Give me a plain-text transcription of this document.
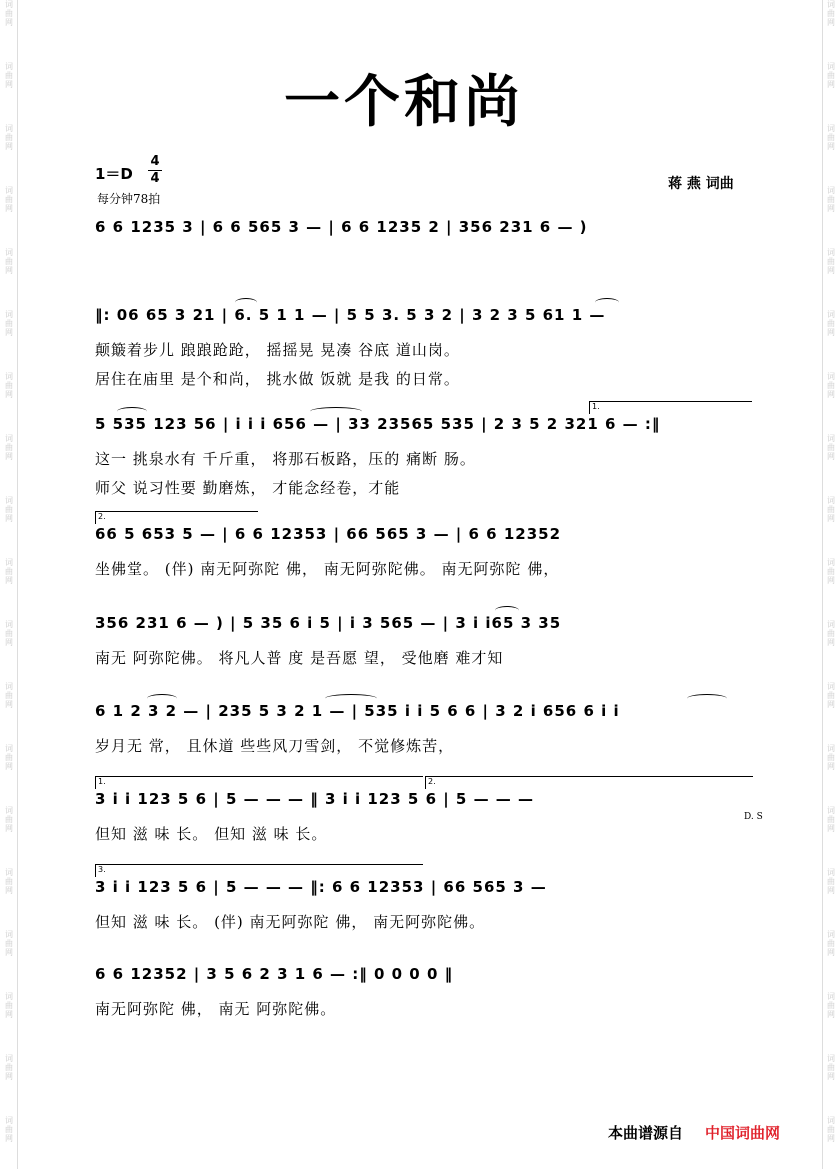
词
曲
网
词
曲
网
词
曲
网
词
曲
网
词
曲
网
词
曲
网
词
曲
网
词
曲
网
词
曲
网
词
曲
网
词
曲
网
词
曲
网
词
曲
网
词
曲
网
词
曲
网
词
曲
网
词
曲
网
词
曲
网
词
曲
网
词
曲
网
词
曲
网
词
曲
网
词
曲
网
词
曲
网
词
曲
网
词
曲
网
词
曲
网
词
曲
网
词
曲
网
词
曲
网
词
曲
网
词
曲
网
词
曲
网
词
曲
网
词
曲
网
词
曲
网
词
曲
网
词
曲
网
一个和尚
1＝D
4
4
每分钟78拍
蒋 燕 词曲
6 6 1235 3 | 6 6 565 3 — | 6 6 1235 2 | 356 231 6 — )
‖: 06 65 3 21 | 6. 5 1 1 — | 5 5 3. 5 3 2 | 3 2 3 5 61 1 —
颠簸着步儿 踉踉跄跄， 摇摇晃 晃凑 谷底 道山岗。
居住在庙里 是个和尚， 挑水做 饭就 是我 的日常。
1.
5 535 123 56 | i i i 656 — | 33 23565 535 | 2 3 5 2 321 6 — :‖
这一 挑泉水有 千斤重， 将那石板路，压的 痛断 肠。
师父 说习性要 勤磨炼， 才能念经卷，才能
2.
66 5 653 5 — | 6 6 12353 | 66 565 3 — | 6 6 12352
坐佛堂。 (伴) 南无阿弥陀 佛， 南无阿弥陀佛。 南无阿弥陀 佛，
356 231 6 — ) | 5 35 6 i 5 | i 3 565 — | 3 i i65 3 35
南无 阿弥陀佛。 将凡人普 度 是吾愿 望， 受他磨 难才知
6 1 2 3 2 — | 235 5 3 2 1 — | 535 i i 5 6 6 | 3 2 i 656 6 i i
岁月无 常， 且休道 些些风刀雪剑， 不觉修炼苦，
1.	2.
3 i i 123 5 6 | 5 — — — ‖ 3 i i 123 5 6 | 5 — — —
但知 滋 味 长。 但知 滋 味 长。
D. S
3.
3 i i 123 5 6 | 5 — — — ‖: 6 6 12353 | 66 565 3 —
但知 滋 味 长。 (伴) 南无阿弥陀 佛， 南无阿弥陀佛。
6 6 12352 | 3 5 6 2 3 1 6 — :‖ 0 0 0 0 ‖
南无阿弥陀 佛， 南无 阿弥陀佛。
本曲谱源自 中国词曲网
